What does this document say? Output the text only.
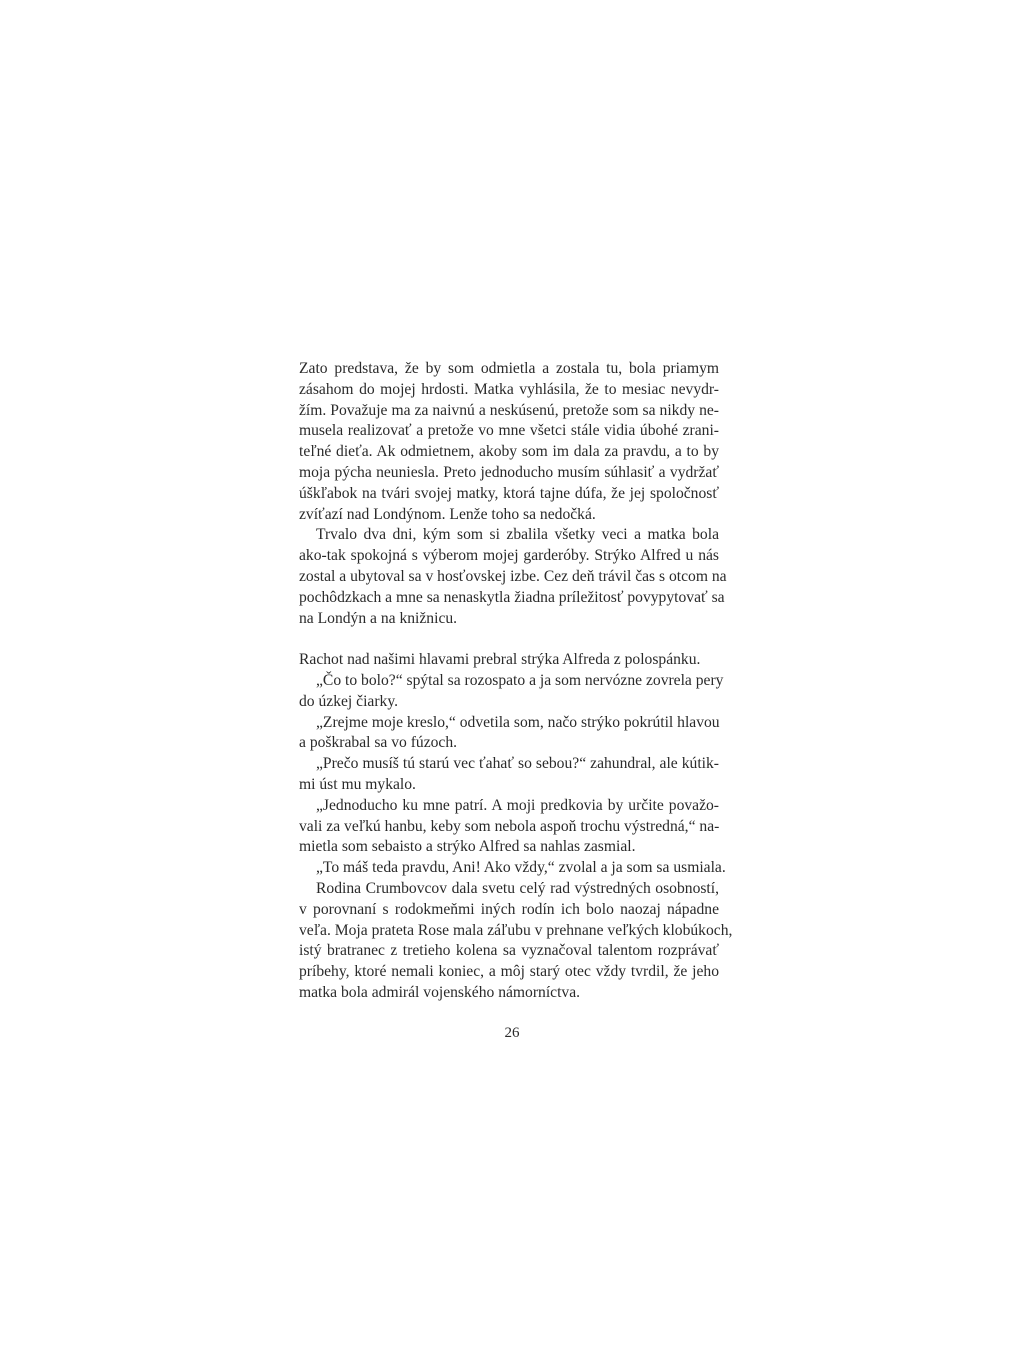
Zato predstava, že by som odmietla a zostala tu, bola priamym
zásahom do mojej hrdosti. Matka vyhlásila, že to mesiac nevydr-
žím. Považuje ma za naivnú a neskúsenú, pretože som sa nikdy ne-
musela realizovať a pretože vo mne všetci stále vidia úbohé zrani-
teľné dieťa. Ak odmietnem, akoby som im dala za pravdu, a to by
moja pýcha neuniesla. Preto jednoducho musím súhlasiť a vydržať
úškľabok na tvári svojej matky, ktorá tajne dúfa, že jej spoločnosť
zvíťazí nad Londýnom. Lenže toho sa nedočká.
Trvalo dva dni, kým som si zbalila všetky veci a matka bola
ako-tak spokojná s výberom mojej garderóby. Strýko Alfred u nás
zostal a ubytoval sa v hosťovskej izbe. Cez deň trávil čas s otcom na
pochôdzkach a mne sa nenaskytla žiadna príležitosť povypytovať sa
na Londýn a na knižnicu.
Rachot nad našimi hlavami prebral strýka Alfreda z polospánku.
„Čo to bolo?“ spýtal sa rozospato a ja som nervózne zovrela pery
do úzkej čiarky.
„Zrejme moje kreslo,“ odvetila som, načo strýko pokrútil hlavou
a poškrabal sa vo fúzoch.
„Prečo musíš tú starú vec ťahať so sebou?“ zahundral, ale kútik-
mi úst mu mykalo.
„Jednoducho ku mne patrí. A moji predkovia by určite považo-
vali za veľkú hanbu, keby som nebola aspoň trochu výstredná,“ na-
mietla som sebaisto a strýko Alfred sa nahlas zasmial.
„To máš teda pravdu, Ani! Ako vždy,“ zvolal a ja som sa usmiala.
Rodina Crumbovcov dala svetu celý rad výstredných osobností,
v porovnaní s rodokmeňmi iných rodín ich bolo naozaj nápadne
veľa. Moja prateta Rose mala záľubu v prehnane veľkých klobúkoch,
istý bratranec z tretieho kolena sa vyznačoval talentom rozprávať
príbehy, ktoré nemali koniec, a môj starý otec vždy tvrdil, že jeho
matka bola admirál vojenského námorníctva.
26
